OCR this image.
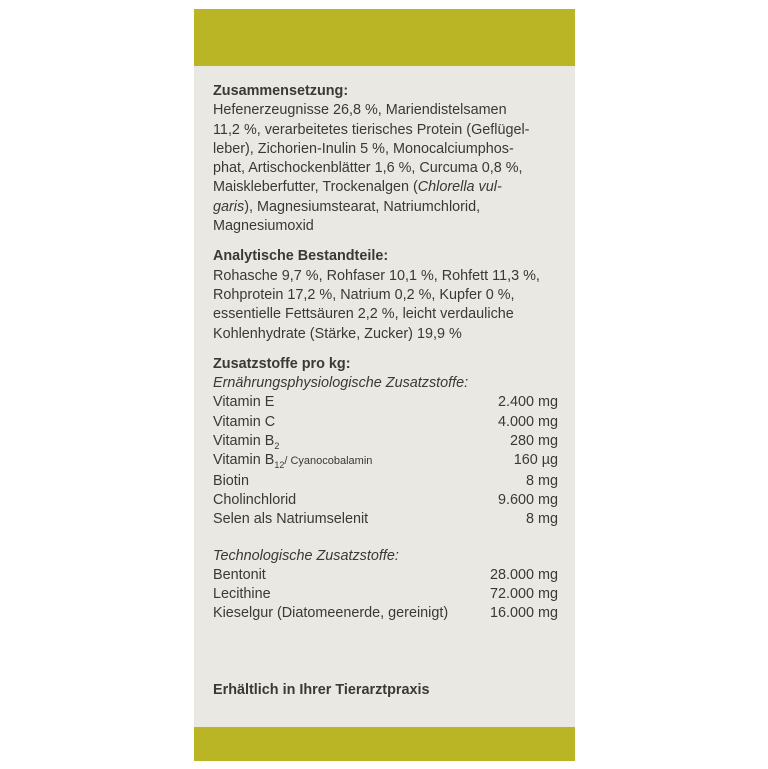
Zusammensetzung:

Hefenerzeugnisse 26,8 %, Mariendistelsamen
11,2 %, verarbeitetes tierisches Protein (Geflügel-
leber), Zichorien-Inulin 5 %, Monocalciumphos-
phat, Artischockenblätter 1,6 %, Curcuma 0,8 %,
Maiskleberfutter, Trockenalgen (Chlorella vul-
garis), Magnesiumstearat, Natriumchlorid,
Magnesiumoxid

Analytische Bestandteile:

Rohasche 9,7 %, Rohfaser 10,1 %, Rohfett 11,3 %,
Rohprotein 17,2 %, Natrium 0,2 %, Kupfer 0 %,
essentielle Fettsäuren 2,2 %, leicht verdauliche
Kohlenhydrate (Stärke, Zucker) 19,9 %

Zusatzstoffe pro kg:

Ernährungsphysiologische Zusatzstoffe:

Vitamin E	2.400 mg
Vitamin C	4.000 mg
Vitamin $B_2$	280 mg
Vitamin $B_{12}/$ Cyanocobalamin	160 µg
Biotin	8 mg
Cholinchlorid	9.600 mg
Selen als Natriumselenit	8 mg

Technologische Zusatzstoffe:

Bentonit	28.000 mg
Lecithine	72.000 mg
Kieselgur (Diatomeenerde, gereinigt)	16.000 mg
Erhältlich in Ihrer Tierarztpraxis
